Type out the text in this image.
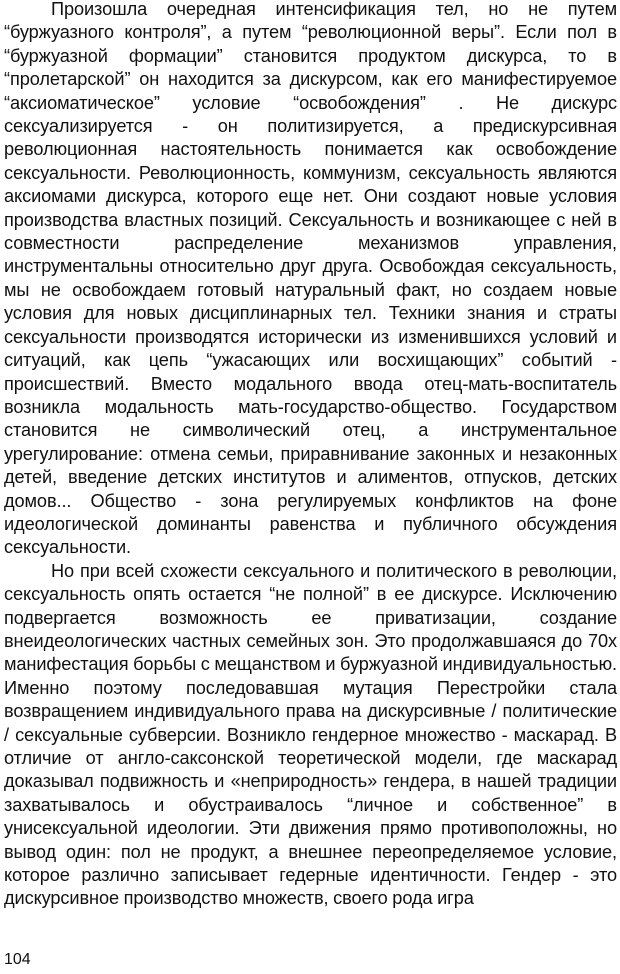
Произошла очередная интенсификация тел, но не путем “буржуазного контроля”, а путем “революционной веры”. Если пол в “буржуазной формации” становится продуктом дискурса, то в “пролетарской” он находится за дискурсом, как его манифестируемое “аксиоматическое” условие “освобождения” . Не дискурс сексуализируется - он политизируется, а предискурсивная революционная настоятельность понимается как освобождение сексуальности. Революционность, коммунизм, сексуальность являются аксиомами дискурса, которого еще нет. Они создают новые условия производства властных позиций. Сексуальность и возникающее с ней в совместности распределение механизмов управления, инструментальны относительно друг друга. Освобождая сексуальность, мы не освобождаем готовый натуральный факт, но создаем новые условия для новых дисциплинарных тел. Техники знания и страты сексуальности производятся исторически из изменившихся условий и ситуаций, как цепь “ужасающих или восхищающих” событий - происшествий. Вместо модального ввода отец-мать-воспитатель возникла модальность мать-государство-общество. Государством становится не символический отец, а инструментальное урегулирование: отмена семьи, приравнивание законных и незаконных детей, введение детских институтов и алиментов, отпусков, детских домов... Общество - зона регулируемых конфликтов на фоне идеологической доминанты равенства и публичного обсуждения сексуальности.

Но при всей схожести сексуального и политического в революции, сексуальность опять остается “не полной” в ее дискурсе. Исключению подвергается возможность ее приватизации, создание внеидеологических частных семейных зон. Это продолжавшаяся до 70х манифестация борьбы с мещанством и буржуазной индивидуальностью. Именно поэтому последовавшая мутация Перестройки стала возвращением индивидуального права на дискурсивные / политические / сексуальные субверсии. Возникло гендерное множество - маскарад. В отличие от англо-саксонской теоретической модели, где маскарад доказывал подвижность и «неприродность» гендера, в нашей традиции захватывалось и обустраивалось “личное и собственное” в унисексуальной идеологии. Эти движения прямо противоположны, но вывод один: пол не продукт, а внешнее переопределяемое условие, которое различно записывает гедерные идентичности. Гендер - это дискурсивное производство множеств, своего рода игра

104
